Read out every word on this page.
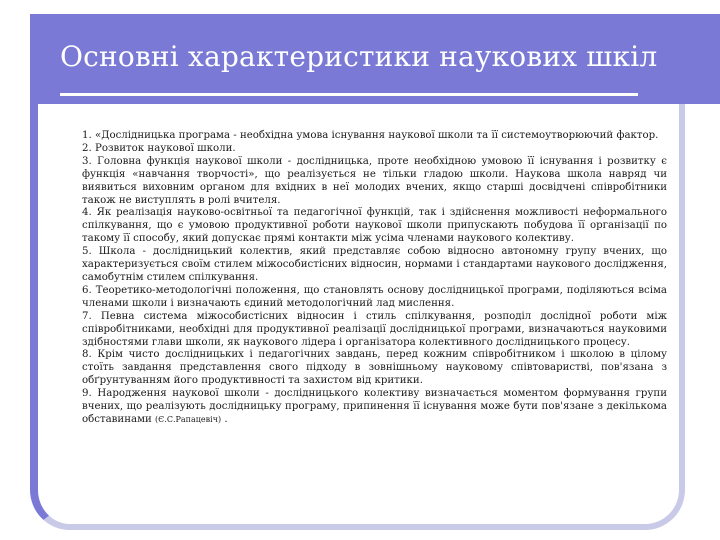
Основні характеристики наукових шкіл

1. «Дослідницька програма - необхідна умова існування наукової школи та її системоутворюючий фактор.

2. Розвиток наукової школи.

3. Головна функція наукової школи - дослідницька, проте необхідною умовою її існування і розвитку є функція «навчання творчості», що реалізується не тільки гладою школи. Наукова школа навряд чи виявиться виховним органом для вхідних в неї молодих вчених, якщо старші досвідчені співробітники також не виступлять в ролі вчителя.

4. Як реалізація науково-освітньої та педагогічної функцій, так і здійснення можливості неформального спілкування, що є умовою продуктивної роботи наукової школи припускають побудова її організації по такому її способу, який допускає прямі контакти між усіма членами наукового колективу.

5. Школа - дослідницький колектив, який представляє собою відносно автономну групу вчених, що характеризується своїм стилем міжособистісних відносин, нормами і стандартами наукового дослідження, самобутнім стилем спілкування.

6. Теоретико-методологічні положення, що становлять основу дослідницької програми, поділяються всіма членами школи і визначають єдиний методологічний лад мислення.

7. Певна система міжособистісних відносин і стиль спілкування, розподіл дослідної роботи між співробітниками, необхідні для продуктивної реалізації дослідницької програми, визначаються науковими здібностями глави школи, як наукового лідера і організатора колективного дослідницького процесу.

8. Крім чисто дослідницьких і педагогічних завдань, перед кожним співробітником і школою в цілому стоїть завдання представлення свого підходу в зовнішньому науковому співтоваристві, пов'язана з обґрунтуванням його продуктивності та захистом від критики.

9. Народження наукової школи - дослідницького колективу визначається моментом формування групи вчених, що реалізують дослідницьку програму, припинення її існування може бути пов'язане з декількома обставинами (Є.С.Рапацевіч) .
